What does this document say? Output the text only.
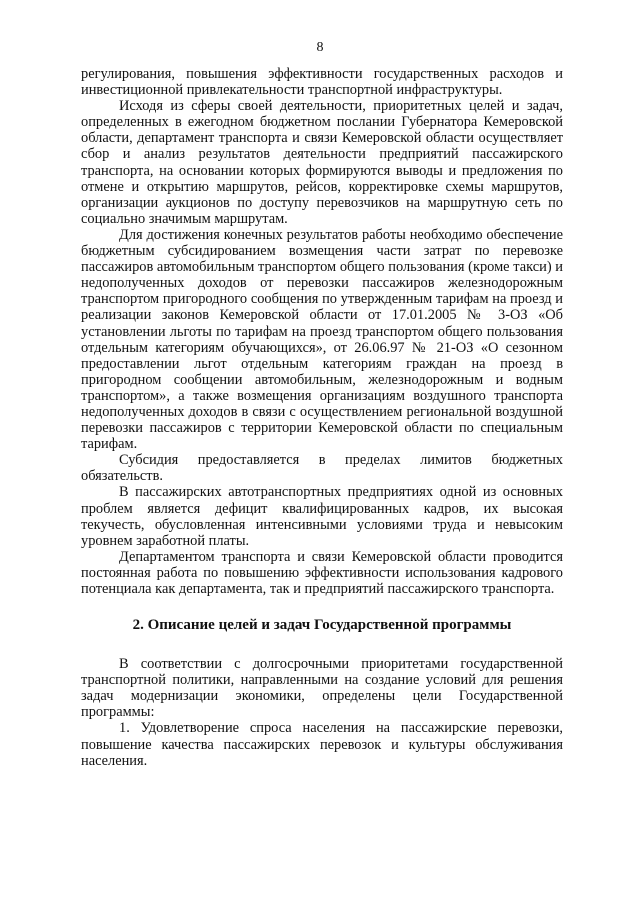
8

регулирования, повышения эффективности государственных расходов и инвестиционной привлекательности транспортной инфраструктуры.

Исходя из сферы своей деятельности, приоритетных целей и задач, определенных в ежегодном бюджетном послании Губернатора Кемеровской области, департамент транспорта и связи Кемеровской области осуществляет сбор и анализ результатов деятельности предприятий пассажирского транспорта, на основании которых формируются выводы и предложения по отмене и открытию маршрутов, рейсов, корректировке схемы маршрутов, организации аукционов по доступу перевозчиков на маршрутную сеть по социально значимым маршрутам.

Для достижения конечных результатов работы необходимо обеспечение бюджетным субсидированием возмещения части затрат по перевозке пассажиров автомобильным транспортом общего пользования (кроме такси) и недополученных доходов от перевозки пассажиров железнодорожным транспортом пригородного сообщения по утвержденным тарифам на проезд и реализации законов Кемеровской области от 17.01.2005 № 3-ОЗ «Об установлении льготы по тарифам на проезд транспортом общего пользования отдельным категориям обучающихся», от 26.06.97 № 21-ОЗ «О сезонном предоставлении льгот отдельным категориям граждан на проезд в пригородном сообщении автомобильным, железнодорожным и водным транспортом», а также возмещения организациям воздушного транспорта недополученных доходов в связи с осуществлением региональной воздушной перевозки пассажиров с территории Кемеровской области по специальным тарифам.

Субсидия предоставляется в пределах лимитов бюджетных обязательств.

В пассажирских автотранспортных предприятиях одной из основных проблем является дефицит квалифицированных кадров, их высокая текучесть, обусловленная интенсивными условиями труда и невысоким уровнем заработной платы.

Департаментом транспорта и связи Кемеровской области проводится постоянная работа по повышению эффективности использования кадрового потенциала как департамента, так и предприятий пассажирского транспорта.

2. Описание целей и задач Государственной программы

В соответствии с долгосрочными приоритетами государственной транспортной политики, направленными на создание условий для решения задач модернизации экономики, определены цели Государственной программы:

1. Удовлетворение спроса населения на пассажирские перевозки, повышение качества пассажирских перевозок и культуры обслуживания населения.
